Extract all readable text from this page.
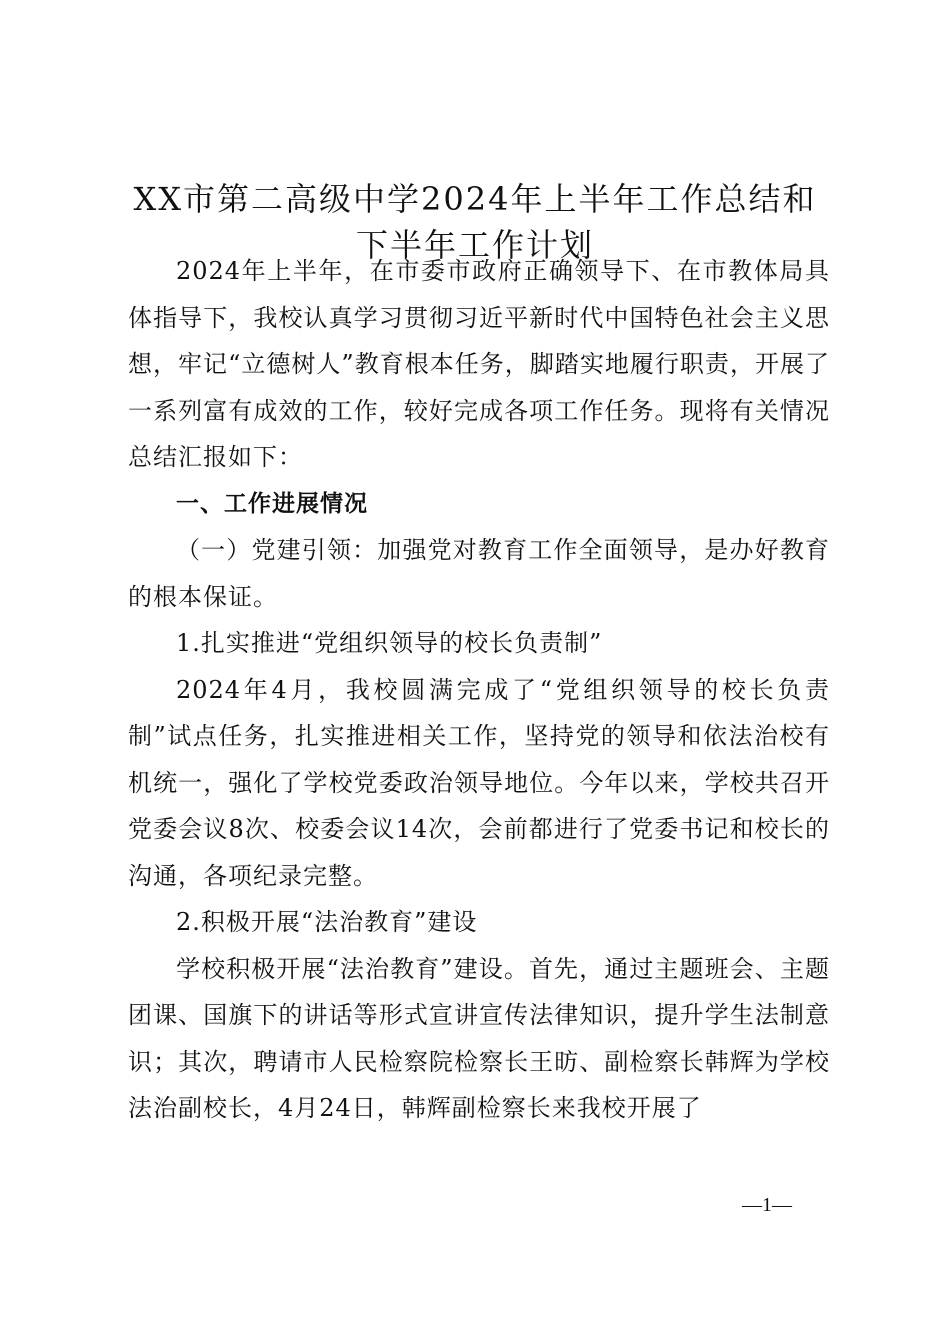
XX市第二高级中学2024年上半年工作总结和
下半年工作计划

2024年上半年，在市委市政府正确领导下、在市教体局具体指导下，我校认真学习贯彻习近平新时代中国特色社会主义思想，牢记“立德树人”教育根本任务，脚踏实地履行职责，开展了一系列富有成效的工作，较好完成各项工作任务。现将有关情况总结汇报如下：

一、工作进展情况

（一）党建引领：加强党对教育工作全面领导，是办好教育的根本保证。

1.扎实推进“党组织领导的校长负责制”

2024年4月，我校圆满完成了“党组织领导的校长负责制”试点任务，扎实推进相关工作，坚持党的领导和依法治校有机统一，强化了学校党委政治领导地位。今年以来，学校共召开党委会议8次、校委会议14次，会前都进行了党委书记和校长的沟通，各项纪录完整。

2.积极开展“法治教育”建设

学校积极开展“法治教育”建设。首先，通过主题班会、主题团课、国旗下的讲话等形式宣讲宣传法律知识，提升学生法制意识；其次，聘请市人民检察院检察长王昉、副检察长韩辉为学校法治副校长，4月24日，韩辉副检察长来我校开展了

—1—
